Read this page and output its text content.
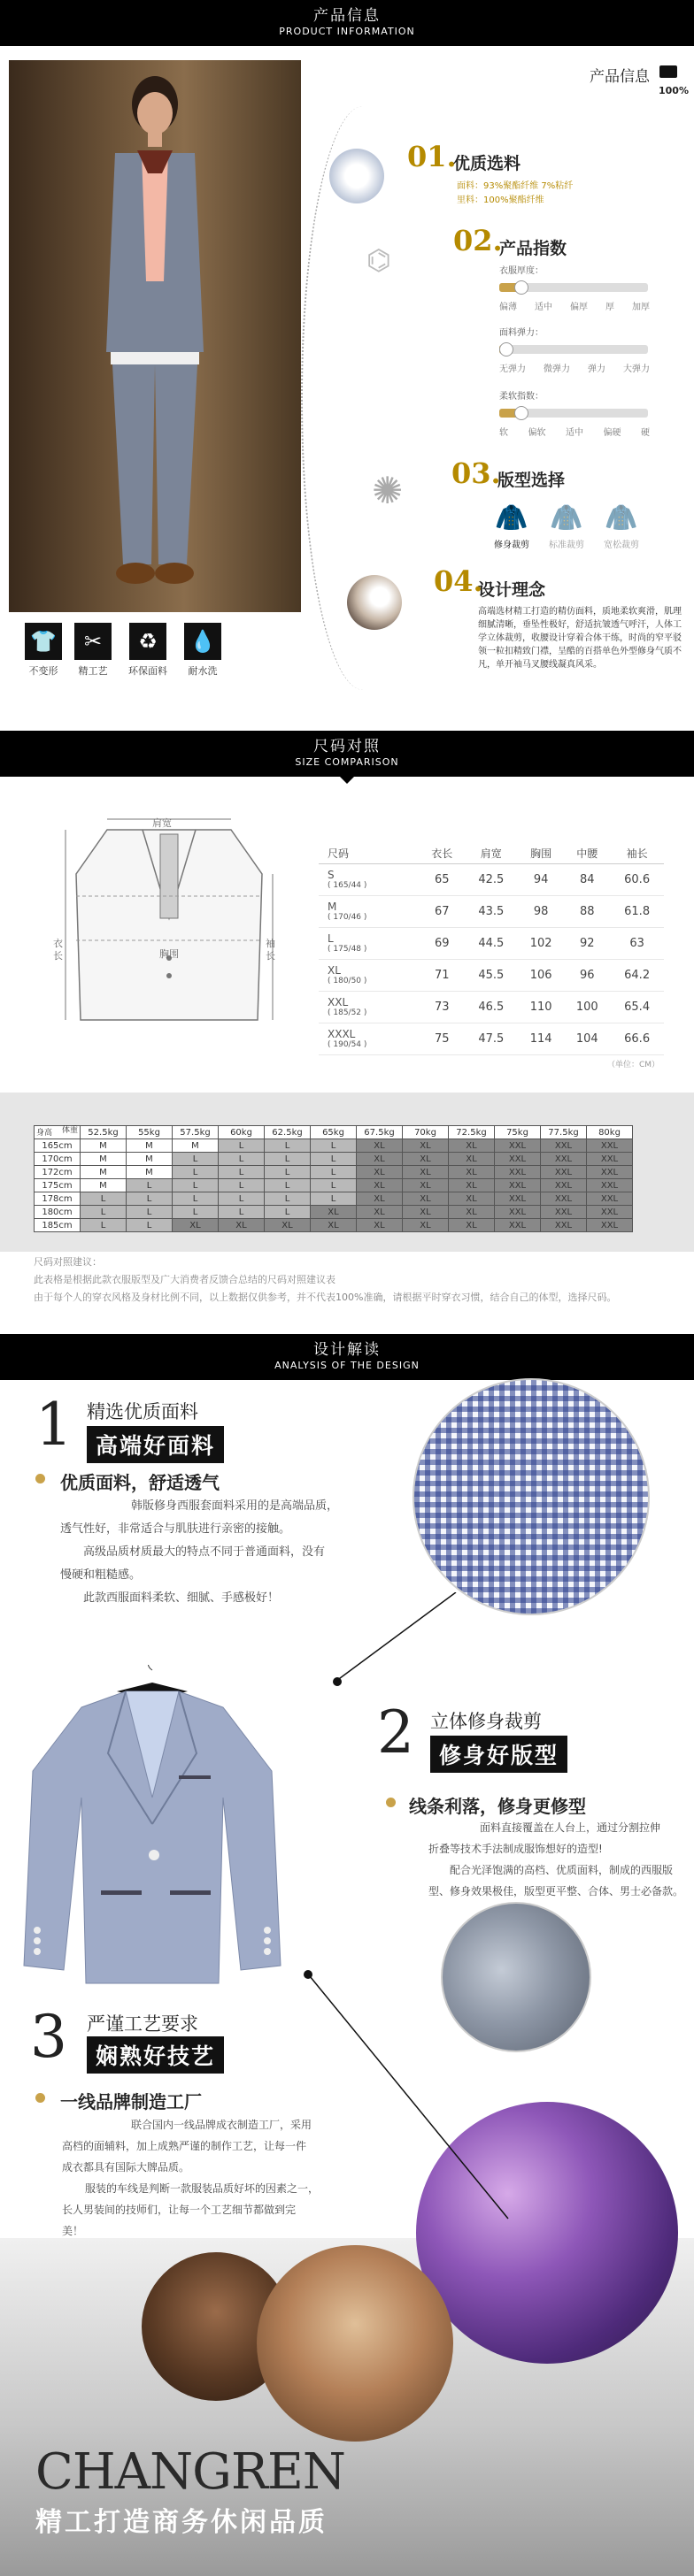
产品信息
PRODUCT INFORMATION
产品信息
100%
👕
不变形
✂
精工艺
♻
环保面料
💧
耐水洗
01.
优质选料
面料：93%聚酯纤维 7%粘纤
里料：100%聚酯纤维
⌬
02.
产品指数
衣服厚度：
偏薄 适中 偏厚 厚 加厚
面料弹力：
无弹力 微弹力 弹力 大弹力
柔软指数：
软 偏软 适中 偏硬 硬
✺ 03.
版型选择
🧥
修身裁剪
🧥
标准裁剪
🧥
宽松裁剪
04.
设计理念
高端选材精工打造的精仿面料，质地柔软爽滑，肌理细腻清晰，垂坠性极好，舒适抗皱透气呼汗，人体工学立体裁剪，收腰设计穿着合体干练，时尚的窄平驳领一粒扣精致门襟，呈酷的百搭单色外型修身气质不凡，单开袖马叉腰线凝真风采。
尺码对照
SIZE COMPARISON
肩宽
胸围
衣长
袖长
尺码	衣长	肩宽	胸围	中腰	袖长

S
( 165/44 )	65	42.5	94	84	60.6

M
( 170/46 )	67	43.5	98	88	61.8

L
( 175/48 )	69	44.5	102	92	63

XL
( 180/50 )	71	45.5	106	96	64.2

XXL
( 185/52 )	73	46.5	110	100	65.4

XXXL
( 190/54 )	75	47.5	114	104	66.6
（单位：CM）
体重
身高	52.5kg	55kg	57.5kg	60kg	62.5kg	65kg	67.5kg	70kg	72.5kg	75kg	77.5kg	80kg
165cm	M	M	M	L	L	L	XL	XL	XL	XXL	XXL	XXL
170cm	M	M	L	L	L	L	XL	XL	XL	XXL	XXL	XXL
172cm	M	M	L	L	L	L	XL	XL	XL	XXL	XXL	XXL
175cm	M	L	L	L	L	L	XL	XL	XL	XXL	XXL	XXL
178cm	L	L	L	L	L	L	XL	XL	XL	XXL	XXL	XXL
180cm	L	L	L	L	L	XL	XL	XL	XL	XXL	XXL	XXL
185cm	L	L	XL	XL	XL	XL	XL	XL	XL	XXL	XXL	XXL
尺码对照建议：
此表格是根据此款衣服版型及广大消费者反馈合总结的尺码对照建议表
由于每个人的穿衣风格及身材比例不同，以上数据仅供参考，并不代表100%准确，请根据平时穿衣习惯，结合自己的体型，选择尺码。
设计解读
ANALYSIS OF THE DESIGN
1 精选优质面料
高端好面料
优质面料，舒适透气
韩版修身西服套面料采用的是高端品质，
透气性好，非常适合与肌肤进行亲密的接触。
高级品质材质最大的特点不同于普通面料，没有
慢硬和粗糙感。
此款西服面料柔软、细腻、手感极好！
2 立体修身裁剪
修身好版型
线条利落，修身更修型
面料直接覆盖在人台上，通过分割拉伸
折叠等技术手法制成服饰想好的造型!
配合光泽饱满的高档、优质面料，制成的西服版
型、修身效果极佳，版型更平整、合体、男士必备款。
3 严谨工艺要求
娴熟好技艺
一线品牌制造工厂
联合国内一线品牌成衣制造工厂，采用
高档的面辅料，加上成熟严谨的制作工艺，让每一件
成衣都具有国际大牌品质。
服装的车线是判断一款服装品质好坏的因素之一，
长人男装间的技师们，让每一个工艺细节都做到完
美！
CHANGREN
精工打造商务休闲品质
